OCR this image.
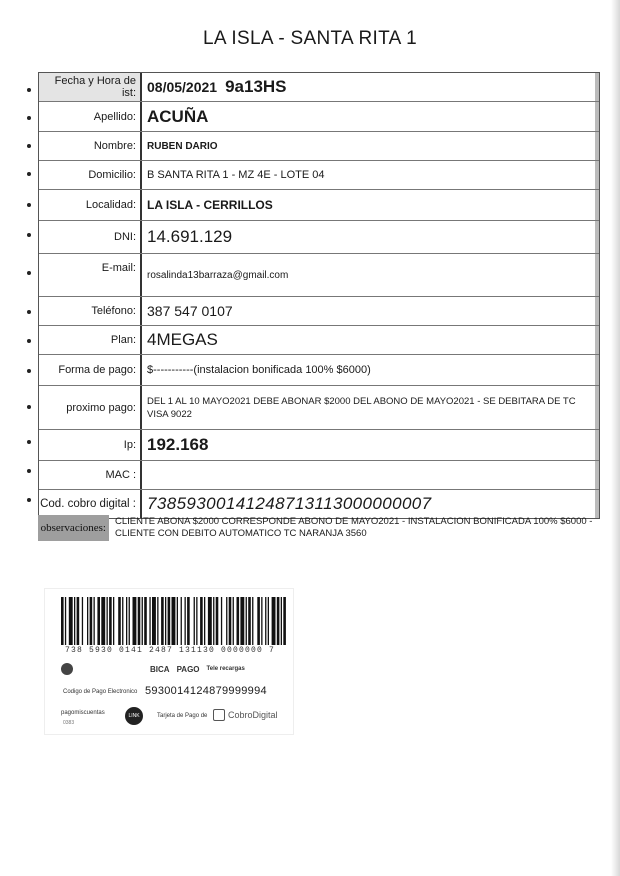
LA ISLA - SANTA RITA 1
Fecha y Hora de ist: 08/05/2021 9a13HS
Apellido: ACUÑA
Nombre:	RUBEN DARIO
Domicilio:	B SANTA RITA 1 - MZ 4E - LOTE 04
Localidad: LA ISLA - CERRILLOS
DNI: 14.691.129
E-mail:
rosalinda13barraza@gmail.com
Teléfono: 387 547 0107
Plan: 4MEGAS
Forma de pago:	$-----------(instalacion bonificada 100% $6000)
proximo pago:
DEL 1 AL 10 MAYO2021 DEBE ABONAR $2000 DEL ABONO DE MAYO2021 - SE DEBITARA DE TC VISA 9022
Ip: 192.168
MAC :
Cod. cobro digital : 73859300141248713113000000007
observaciones:
CLIENTE ABONA $2000 CORRESPONDE ABONO DE MAYO2021 - INSTALACION BONIFICADA 100% $6000 - CLIENTE CON DEBITO AUTOMATICO TC NARANJA 3560
738 5930 0141 2487 131130 0000000 7
BICA PAGO Tele recargas
Codigo de Pago Electronico 5930014124879999994
pagomiscuentas
0383
LINK	Tarjeta de Pago de CobroDigital
